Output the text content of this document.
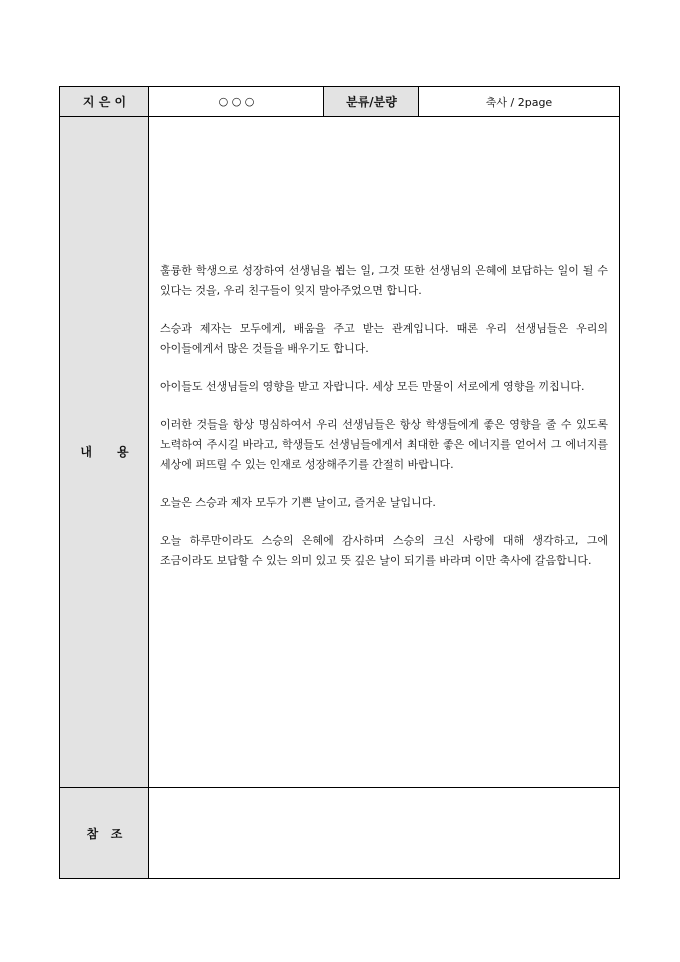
지 은 이	○ ○ ○	분류/분량	축사 / 2page
내      용

훌륭한 학생으로 성장하여 선생님을 뵙는 일, 그것 또한 선생님의 은혜에 보답하는 일이 될 수 있다는 것을, 우리 친구들이 잊지 말아주었으면 합니다.

스승과 제자는 모두에게, 배움을 주고 받는 관계입니다. 때론 우리 선생님들은 우리의 아이들에게서 많은 것들을 배우기도 합니다.

아이들도 선생님들의 영향을 받고 자랍니다. 세상 모든 만물이 서로에게 영향을 끼칩니다.

이러한 것들을 항상 명심하여서 우리 선생님들은 항상 학생들에게 좋은 영향을 줄 수 있도록 노력하여 주시길 바라고, 학생들도 선생님들에게서 최대한 좋은 에너지를 얻어서 그 에너지를 세상에 퍼뜨릴 수 있는 인재로 성장해주기를 간절히 바랍니다.

오늘은 스승과 제자 모두가 기쁜 날이고, 즐거운 날입니다.

오늘 하루만이라도 스승의 은혜에 감사하며 스승의 크신 사랑에 대해 생각하고, 그에 조금이라도 보답할 수 있는 의미 있고 뜻 깊은 날이 되기를 바라며 이만 축사에 갈음합니다.

참   조
